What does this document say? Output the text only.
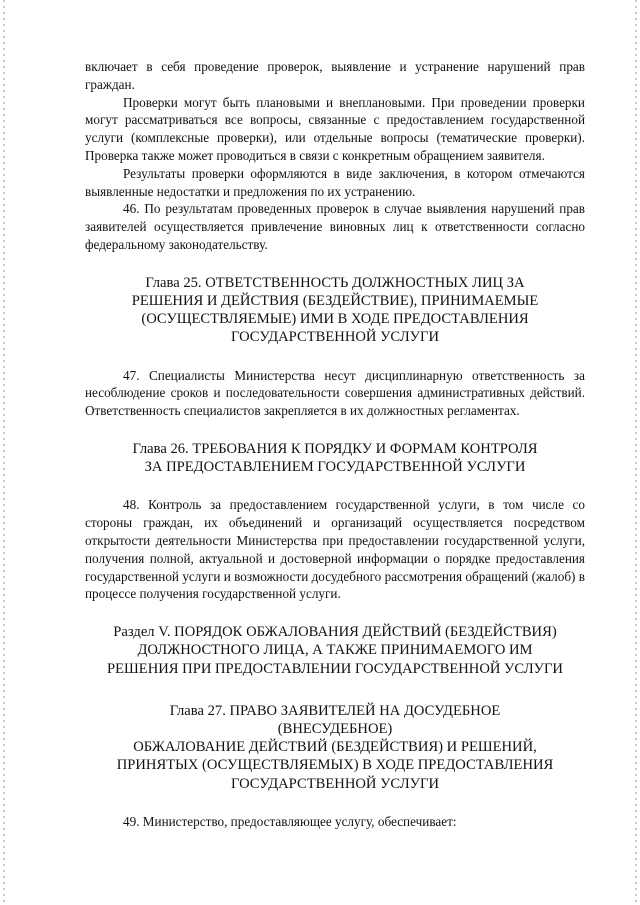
включает в себя проведение проверок, выявление и устранение нарушений прав граждан.

Проверки могут быть плановыми и внеплановыми. При проведении проверки могут рассматриваться все вопросы, связанные с предоставлением государственной услуги (комплексные проверки), или отдельные вопросы (тематические проверки). Проверка также может проводиться в связи с конкретным обращением заявителя.

Результаты проверки оформляются в виде заключения, в котором отмечаются выявленные недостатки и предложения по их устранению.

46. По результатам проведенных проверок в случае выявления нарушений прав заявителей осуществляется привлечение виновных лиц к ответственности согласно федеральному законодательству.

Глава 25. ОТВЕТСТВЕННОСТЬ ДОЛЖНОСТНЫХ ЛИЦ ЗА
РЕШЕНИЯ И ДЕЙСТВИЯ (БЕЗДЕЙСТВИЕ), ПРИНИМАЕМЫЕ
(ОСУЩЕСТВЛЯЕМЫЕ) ИМИ В ХОДЕ ПРЕДОСТАВЛЕНИЯ
ГОСУДАРСТВЕННОЙ УСЛУГИ

47. Специалисты Министерства несут дисциплинарную ответственность за несоблюдение сроков и последовательности совершения административных действий. Ответственность специалистов закрепляется в их должностных регламентах.

Глава 26. ТРЕБОВАНИЯ К ПОРЯДКУ И ФОРМАМ КОНТРОЛЯ
ЗА ПРЕДОСТАВЛЕНИЕМ ГОСУДАРСТВЕННОЙ УСЛУГИ

48. Контроль за предоставлением государственной услуги, в том числе со стороны граждан, их объединений и организаций осуществляется посредством открытости деятельности Министерства при предоставлении государственной услуги, получения полной, актуальной и достоверной информации о порядке предоставления государственной услуги и возможности досудебного рассмотрения обращений (жалоб) в процессе получения государственной услуги.

Раздел V. ПОРЯДОК ОБЖАЛОВАНИЯ ДЕЙСТВИЙ (БЕЗДЕЙСТВИЯ)
ДОЛЖНОСТНОГО ЛИЦА, А ТАКЖЕ ПРИНИМАЕМОГО ИМ
РЕШЕНИЯ ПРИ ПРЕДОСТАВЛЕНИИ ГОСУДАРСТВЕННОЙ УСЛУГИ

Глава 27. ПРАВО ЗАЯВИТЕЛЕЙ НА ДОСУДЕБНОЕ
(ВНЕСУДЕБНОЕ)
ОБЖАЛОВАНИЕ ДЕЙСТВИЙ (БЕЗДЕЙСТВИЯ) И РЕШЕНИЙ,
ПРИНЯТЫХ (ОСУЩЕСТВЛЯЕМЫХ) В ХОДЕ ПРЕДОСТАВЛЕНИЯ
ГОСУДАРСТВЕННОЙ УСЛУГИ

49. Министерство, предоставляющее услугу, обеспечивает:
